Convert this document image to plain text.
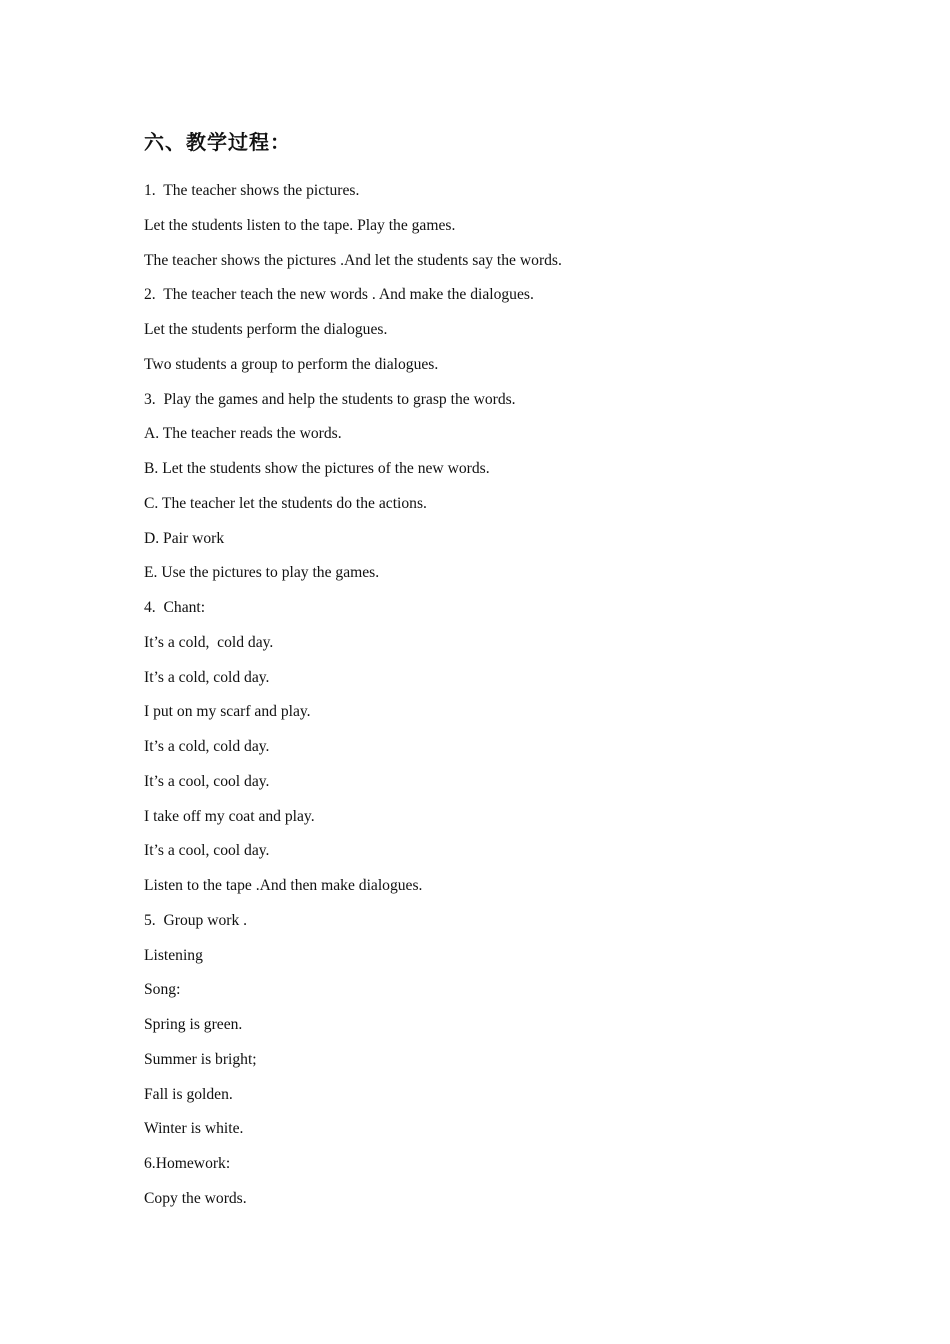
六、教学过程：
1.  The teacher shows the pictures.
Let the students listen to the tape. Play the games.
The teacher shows the pictures .And let the students say the words.
2.  The teacher teach the new words . And make the dialogues.
Let the students perform the dialogues.
Two students a group to perform the dialogues.
3.  Play the games and help the students to grasp the words.
A. The teacher reads the words.
B. Let the students show the pictures of the new words.
C. The teacher let the students do the actions.
D. Pair work
E. Use the pictures to play the games.
4.  Chant:
It’s a cold,  cold day.
It’s a cold, cold day.
I put on my scarf and play.
It’s a cold, cold day.
It’s a cool, cool day.
I take off my coat and play.
It’s a cool, cool day.
Listen to the tape .And then make dialogues.
5.  Group work .
Listening
Song:
Spring is green.
Summer is bright;
Fall is golden.
Winter is white.
6.Homework:
Copy the words.
